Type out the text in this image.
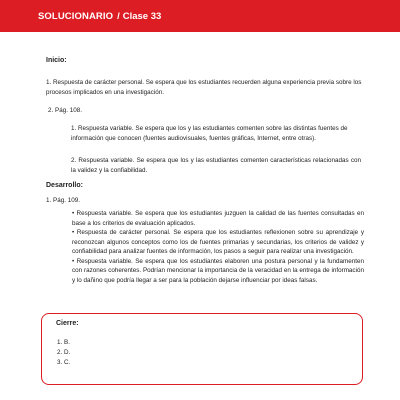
SOLUCIONARIO / Clase 33
Inicio:
1. Respuesta de carácter personal. Se espera que los estudiantes recuerden alguna experiencia previa sobre los procesos implicados en una investigación.
2. Pág. 108.
1. Respuesta variable. Se espera que los y las estudiantes comenten sobre las distintas fuentes de información que conocen (fuentes audiovisuales, fuentes gráficas, Internet, entre otras).
2. Respuesta variable. Se espera que los y las estudiantes comenten características relacionadas con la validez y la confiabilidad.
Desarrollo:
1. Pág. 109.
• Respuesta variable. Se espera que los estudiantes juzguen la calidad de las fuentes consultadas en base a los criterios de evaluación aplicados.
• Respuesta de carácter personal. Se espera que los estudiantes reflexionen sobre su aprendizaje y reconozcan algunos conceptos como los de fuentes primarias y secundarias, los criterios de validez y confiabilidad para analizar fuentes de información, los pasos a seguir para realizar una investigación.
• Respuesta variable. Se espera que los estudiantes elaboren una postura personal y la fundamenten con razones coherentes. Podrían mencionar la importancia de la veracidad en la entrega de información y lo dañino que podría llegar a ser para la población dejarse influenciar por ideas falsas.
Cierre:
1. B.
2. D.
3. C.
